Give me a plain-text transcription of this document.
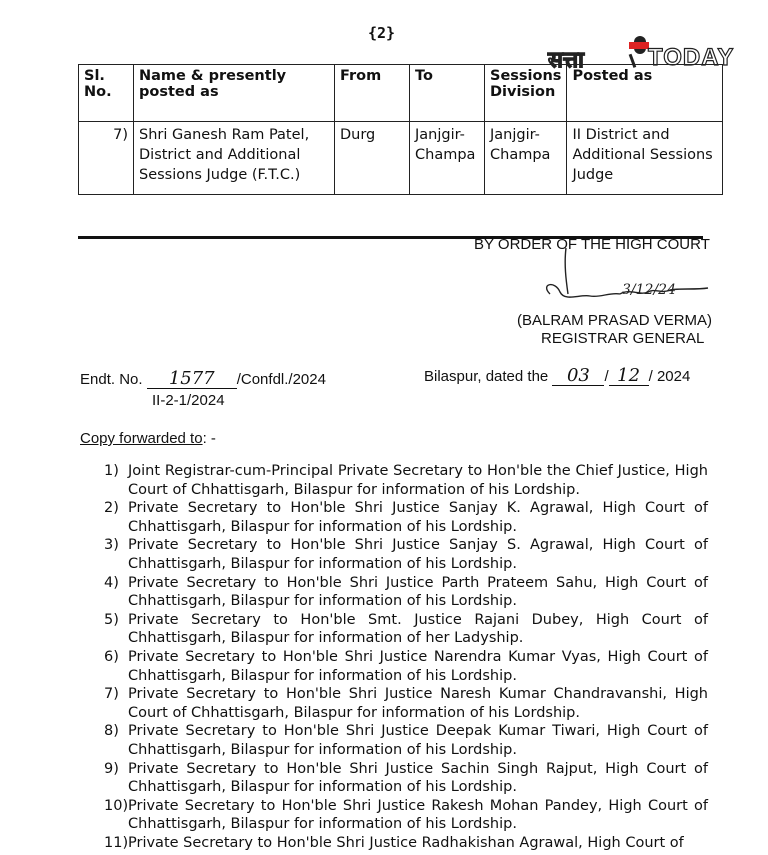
{2}
सत्ता	TODAY
Sl. No.	Name & presently posted as	From	To	Sessions Division	Posted as
7)	Shri Ganesh Ram Patel, District and Additional Sessions Judge (F.T.C.)	Durg	Janjgir-Champa	Janjgir-Champa	II District and Additional Sessions Judge
BY ORDER OF THE HIGH COURT
3/12/24
(BALRAM PRASAD VERMA)
REGISTRAR GENERAL
Endt. No. 1577 /Confdl./2024
II-2-1/2024
Bilaspur, dated the 03 / 12 / 2024
Copy forwarded to: -
1) Joint Registrar-cum-Principal Private Secretary to Hon'ble the Chief Justice, High Court of Chhattisgarh, Bilaspur for information of his Lordship.
2) Private Secretary to Hon'ble Shri Justice Sanjay K. Agrawal, High Court of Chhattisgarh, Bilaspur for information of his Lordship.
3) Private Secretary to Hon'ble Shri Justice Sanjay S. Agrawal, High Court of Chhattisgarh, Bilaspur for information of his Lordship.
4) Private Secretary to Hon'ble Shri Justice Parth Prateem Sahu, High Court of Chhattisgarh, Bilaspur for information of his Lordship.
5) Private Secretary to Hon'ble Smt. Justice Rajani Dubey, High Court of Chhattisgarh, Bilaspur for information of her Ladyship.
6) Private Secretary to Hon'ble Shri Justice Narendra Kumar Vyas, High Court of Chhattisgarh, Bilaspur for information of his Lordship.
7) Private Secretary to Hon'ble Shri Justice Naresh Kumar Chandravanshi, High Court of Chhattisgarh, Bilaspur for information of his Lordship.
8) Private Secretary to Hon'ble Shri Justice Deepak Kumar Tiwari, High Court of Chhattisgarh, Bilaspur for information of his Lordship.
9) Private Secretary to Hon'ble Shri Justice Sachin Singh Rajput, High Court of Chhattisgarh, Bilaspur for information of his Lordship.
10) Private Secretary to Hon'ble Shri Justice Rakesh Mohan Pandey, High Court of Chhattisgarh, Bilaspur for information of his Lordship.
11) Private Secretary to Hon'ble Shri Justice Radhakishan Agrawal, High Court of
